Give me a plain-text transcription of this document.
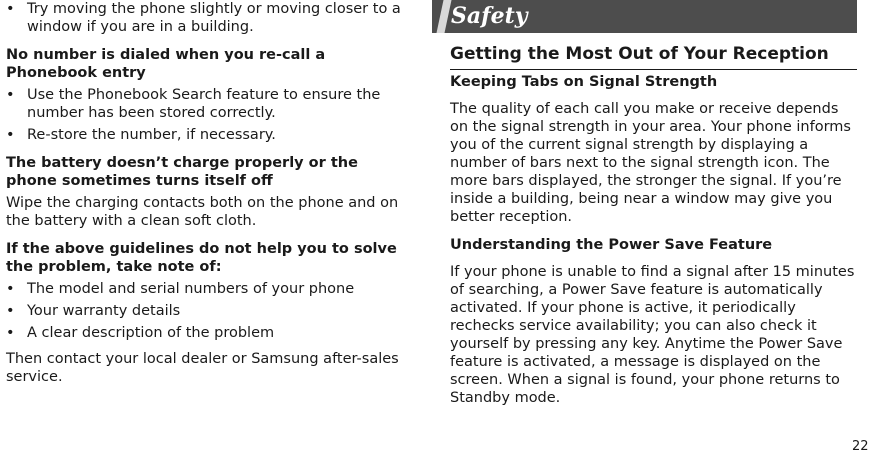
• Try moving the phone slightly or moving closer to a window if you are in a building.
No number is dialed when you re-call a Phonebook entry
• Use the Phonebook Search feature to ensure the number has been stored correctly.
• Re-store the number, if necessary.
The battery doesn’t charge properly or the phone sometimes turns itself off

Wipe the charging contacts both on the phone and on the battery with a clean soft cloth.

If the above guidelines do not help you to solve the problem, take note of:
• The model and serial numbers of your phone
• Your warranty details
• A clear description of the problem

Then contact your local dealer or Samsung after-sales service.

Safety
Getting the Most Out of Your Reception
Keeping Tabs on Signal Strength

The quality of each call you make or receive depends on the signal strength in your area. Your phone informs you of the current signal strength by displaying a number of bars next to the signal strength icon. The more bars displayed, the stronger the signal. If you’re inside a building, being near a window may give you better reception.

Understanding the Power Save Feature

If your phone is unable to find a signal after 15 minutes of searching, a Power Save feature is automatically activated. If your phone is active, it periodically rechecks service availability; you can also check it yourself by pressing any key. Anytime the Power Save feature is activated, a message is displayed on the screen. When a signal is found, your phone returns to Standby mode.

22
